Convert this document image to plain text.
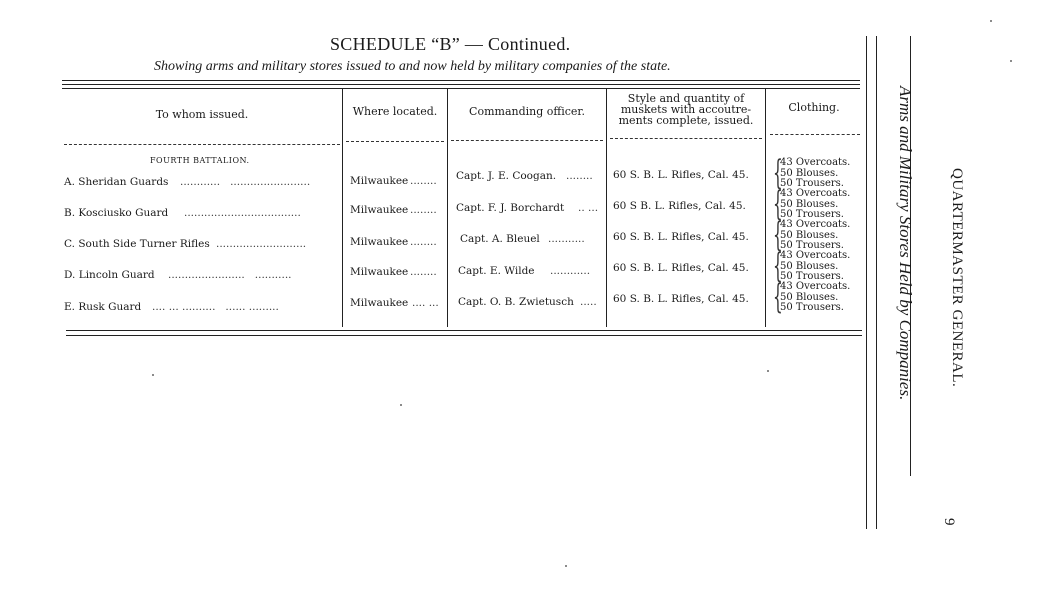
SCHEDULE “B” — Continued.
Showing arms and military stores issued to and now held by military companies of the state.
To whom issued.	Where located.	Commanding officer.
Style and quantity of
muskets with accoutre-
ments complete, issued.
Clothing.
FOURTH BATTALION.
A. Sheridan Guards ............   ........................	Milwaukee ........	Capt. J. E. Coogan. ........	60 S. B. L. Rifles, Cal. 45. {
43 Overcoats.
50 Blouses.
50 Trousers.
B. Kosciusko Guard ...................................	Milwaukee ........	Capt. F. J. Borchardt .. ...	60 S B. L. Rifles, Cal. 45. {
43 Overcoats.
50 Blouses.
50 Trousers.
C. South Side Turner Rifles ...........................	Milwaukee ........	Capt. A. Bleuel ...........	60 S. B. L. Rifles, Cal. 45. {
43 Overcoats.
50 Blouses.
50 Trousers.
D. Lincoln Guard .......................   ...........	Milwaukee ........	Capt. E. Wilde ............	60 S. B. L. Rifles, Cal. 45. {
43 Overcoats.
50 Blouses.
50 Trousers.
E. Rusk Guard .... ... ..........   ...... .........	Milwaukee .... ...	Capt. O. B. Zwietusch .....	60 S. B. L. Rifles, Cal. 45. {
43 Overcoats.
50 Blouses.
50 Trousers.	Arms and Military Stores Held by Companies.	QUARTERMASTER GENERAL.
9
